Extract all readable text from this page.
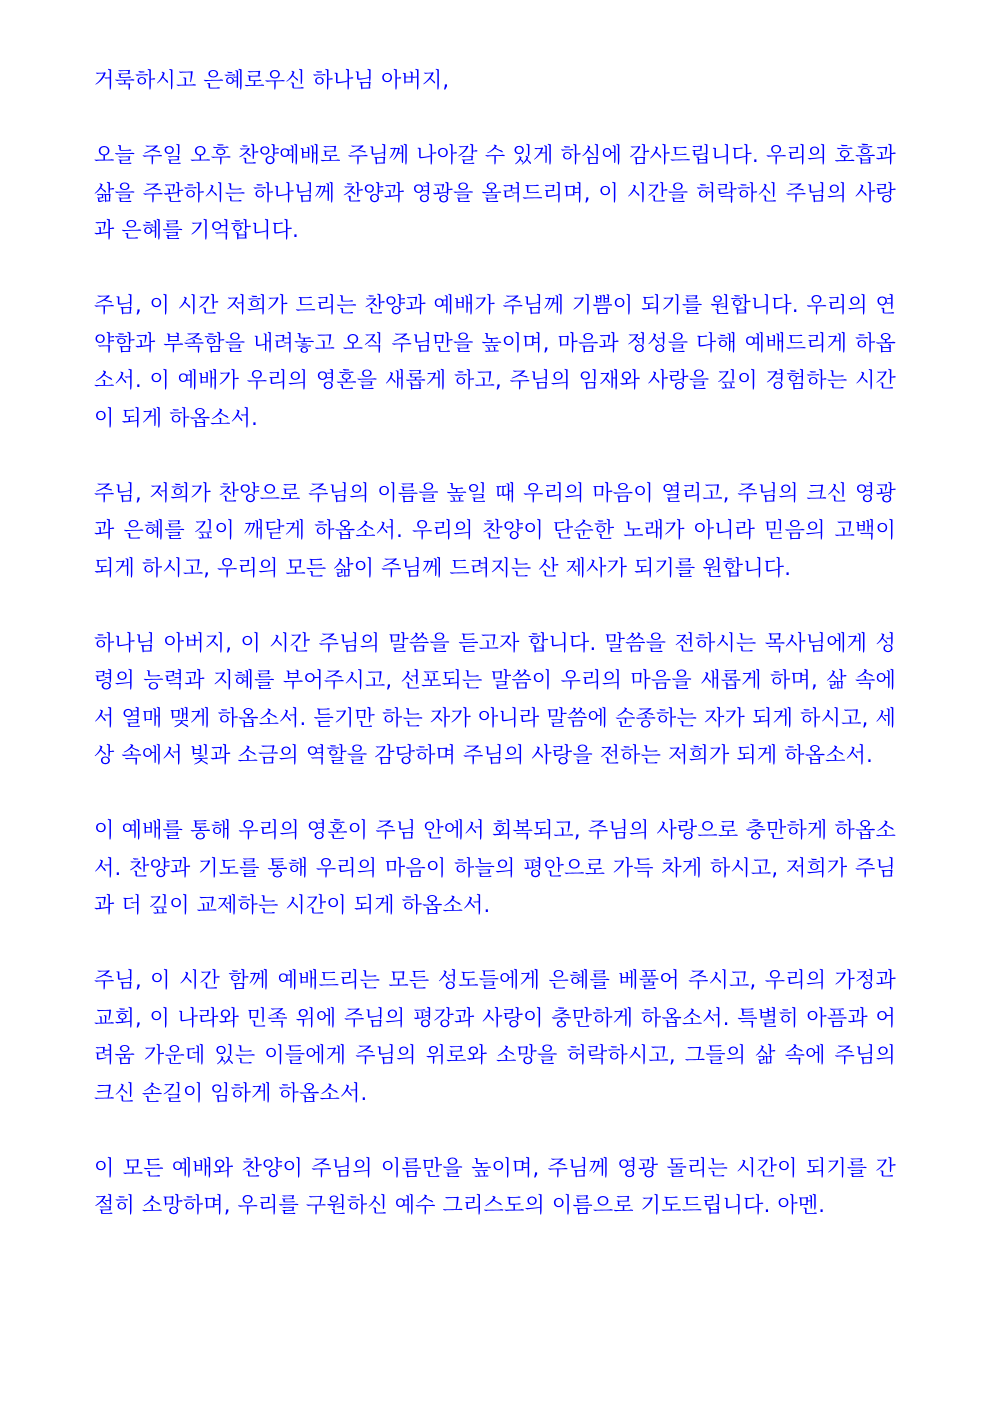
거룩하시고 은혜로우신 하나님 아버지,

오늘 주일 오후 찬양예배로 주님께 나아갈 수 있게 하심에 감사드립니다. 우리의 호흡과 삶을 주관하시는 하나님께 찬양과 영광을 올려드리며, 이 시간을 허락하신 주님의 사랑과 은혜를 기억합니다.

주님, 이 시간 저희가 드리는 찬양과 예배가 주님께 기쁨이 되기를 원합니다. 우리의 연약함과 부족함을 내려놓고 오직 주님만을 높이며, 마음과 정성을 다해 예배드리게 하옵소서. 이 예배가 우리의 영혼을 새롭게 하고, 주님의 임재와 사랑을 깊이 경험하는 시간이 되게 하옵소서.

주님, 저희가 찬양으로 주님의 이름을 높일 때 우리의 마음이 열리고, 주님의 크신 영광과 은혜를 깊이 깨닫게 하옵소서. 우리의 찬양이 단순한 노래가 아니라 믿음의 고백이 되게 하시고, 우리의 모든 삶이 주님께 드려지는 산 제사가 되기를 원합니다.

하나님 아버지, 이 시간 주님의 말씀을 듣고자 합니다. 말씀을 전하시는 목사님에게 성령의 능력과 지혜를 부어주시고, 선포되는 말씀이 우리의 마음을 새롭게 하며, 삶 속에서 열매 맺게 하옵소서. 듣기만 하는 자가 아니라 말씀에 순종하는 자가 되게 하시고, 세상 속에서 빛과 소금의 역할을 감당하며 주님의 사랑을 전하는 저희가 되게 하옵소서.

이 예배를 통해 우리의 영혼이 주님 안에서 회복되고, 주님의 사랑으로 충만하게 하옵소서. 찬양과 기도를 통해 우리의 마음이 하늘의 평안으로 가득 차게 하시고, 저희가 주님과 더 깊이 교제하는 시간이 되게 하옵소서.

주님, 이 시간 함께 예배드리는 모든 성도들에게 은혜를 베풀어 주시고, 우리의 가정과 교회, 이 나라와 민족 위에 주님의 평강과 사랑이 충만하게 하옵소서. 특별히 아픔과 어려움 가운데 있는 이들에게 주님의 위로와 소망을 허락하시고, 그들의 삶 속에 주님의 크신 손길이 임하게 하옵소서.

이 모든 예배와 찬양이 주님의 이름만을 높이며, 주님께 영광 돌리는 시간이 되기를 간절히 소망하며, 우리를 구원하신 예수 그리스도의 이름으로 기도드립니다. 아멘.
